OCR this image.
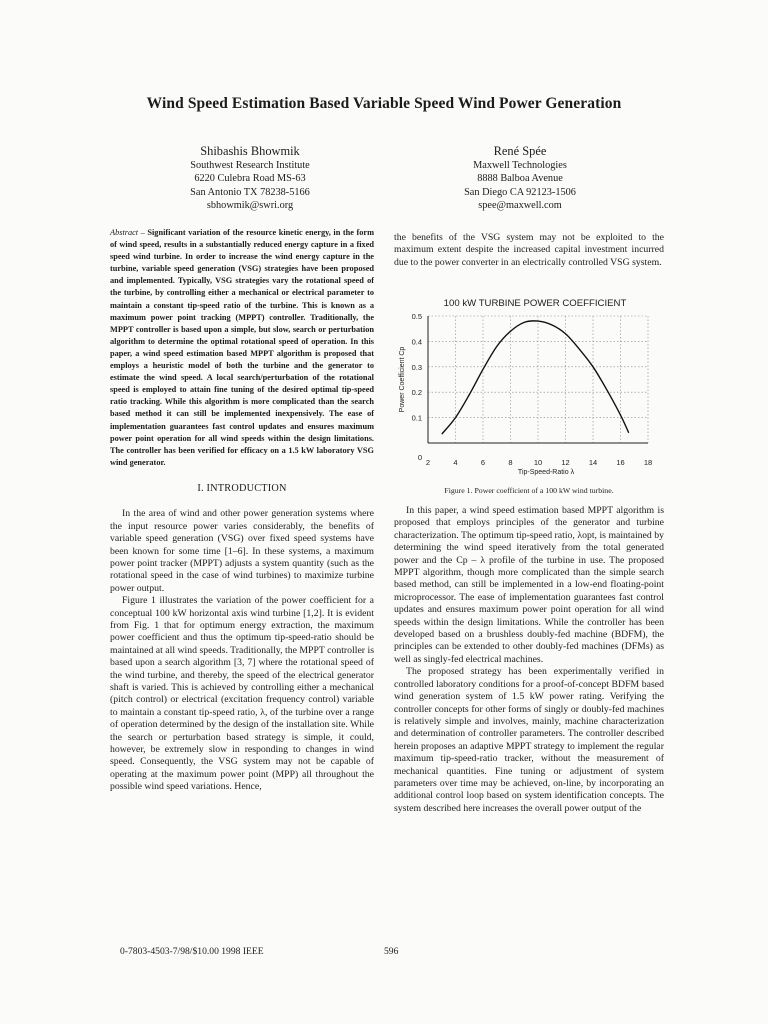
Wind Speed Estimation Based Variable Speed Wind Power Generation
Shibashis Bhowmik
Southwest Research Institute
6220 Culebra Road MS-63
San Antonio TX 78238-5166
sbhowmik@swri.org
René Spée
Maxwell Technologies
8888 Balboa Avenue
San Diego CA 92123-1506
spee@maxwell.com

Abstract – Significant variation of the resource kinetic energy, in the form of wind speed, results in a substantially reduced energy capture in a fixed speed wind turbine. In order to increase the wind energy capture in the turbine, variable speed generation (VSG) strategies have been proposed and implemented. Typically, VSG strategies vary the rotational speed of the turbine, by controlling either a mechanical or electrical parameter to maintain a constant tip-speed ratio of the turbine. This is known as a maximum power point tracking (MPPT) controller. Traditionally, the MPPT controller is based upon a simple, but slow, search or perturbation algorithm to determine the optimal rotational speed of operation. In this paper, a wind speed estimation based MPPT algorithm is proposed that employs a heuristic model of both the turbine and the generator to estimate the wind speed. A local search/perturbation of the rotational speed is employed to attain fine tuning of the desired optimal tip-speed ratio tracking. While this algorithm is more complicated than the search based method it can still be implemented inexpensively. The ease of implementation guarantees fast control updates and ensures maximum power point operation for all wind speeds within the design limitations. The controller has been verified for efficacy on a 1.5 kW laboratory VSG wind generator.

I. INTRODUCTION

In the area of wind and other power generation systems where the input resource power varies considerably, the benefits of variable speed generation (VSG) over fixed speed systems have been known for some time [1–6]. In these systems, a maximum power point tracker (MPPT) adjusts a system quantity (such as the rotational speed in the case of wind turbines) to maximize turbine power output.

Figure 1 illustrates the variation of the power coefficient for a conceptual 100 kW horizontal axis wind turbine [1,2]. It is evident from Fig. 1 that for optimum energy extraction, the maximum power coefficient and thus the optimum tip-speed-ratio should be maintained at all wind speeds. Traditionally, the MPPT controller is based upon a search algorithm [3, 7] where the rotational speed of the wind turbine, and thereby, the speed of the electrical generator shaft is varied. This is achieved by controlling either a mechanical (pitch control) or electrical (excitation frequency control) variable to maintain a constant tip-speed ratio, λ, of the turbine over a range of operation determined by the design of the installation site. While the search or perturbation based strategy is simple, it could, however, be extremely slow in responding to changes in wind speed. Consequently, the VSG system may not be capable of operating at the maximum power point (MPP) all throughout the possible wind speed variations. Hence,

the benefits of the VSG system may not be exploited to the maximum extent despite the increased capital investment incurred due to the power converter in an electrically controlled VSG system.

100 kW TURBINE POWER COEFFICIENT
2	4	6	8	10	12	14	16	18
0
0.1
0.2
0.3
0.4
0.5
Tip-Speed-Ratio λ
Power Coefficient Cp
Figure 1. Power coefficient of a 100 kW wind turbine.

In this paper, a wind speed estimation based MPPT algorithm is proposed that employs principles of the generator and turbine characterization. The optimum tip-speed ratio, λopt, is maintained by determining the wind speed iteratively from the total generated power and the Cp – λ profile of the turbine in use. The proposed MPPT algorithm, though more complicated than the simple search based method, can still be implemented in a low-end floating-point microprocessor. The ease of implementation guarantees fast control updates and ensures maximum power point operation for all wind speeds within the design limitations. While the controller has been developed based on a brushless doubly-fed machine (BDFM), the principles can be extended to other doubly-fed machines (DFMs) as well as singly-fed electrical machines.

The proposed strategy has been experimentally verified in controlled laboratory conditions for a proof-of-concept BDFM based wind generation system of 1.5 kW power rating. Verifying the controller concepts for other forms of singly or doubly-fed machines is relatively simple and involves, mainly, machine characterization and determination of controller parameters. The controller described herein proposes an adaptive MPPT strategy to implement the regular maximum tip-speed-ratio tracker, without the measurement of mechanical quantities. Fine tuning or adjustment of system parameters over time may be achieved, on-line, by incorporating an additional control loop based on system identification concepts. The system described here increases the overall power output of the

0-7803-4503-7/98/$10.00 1998 IEEE	596
